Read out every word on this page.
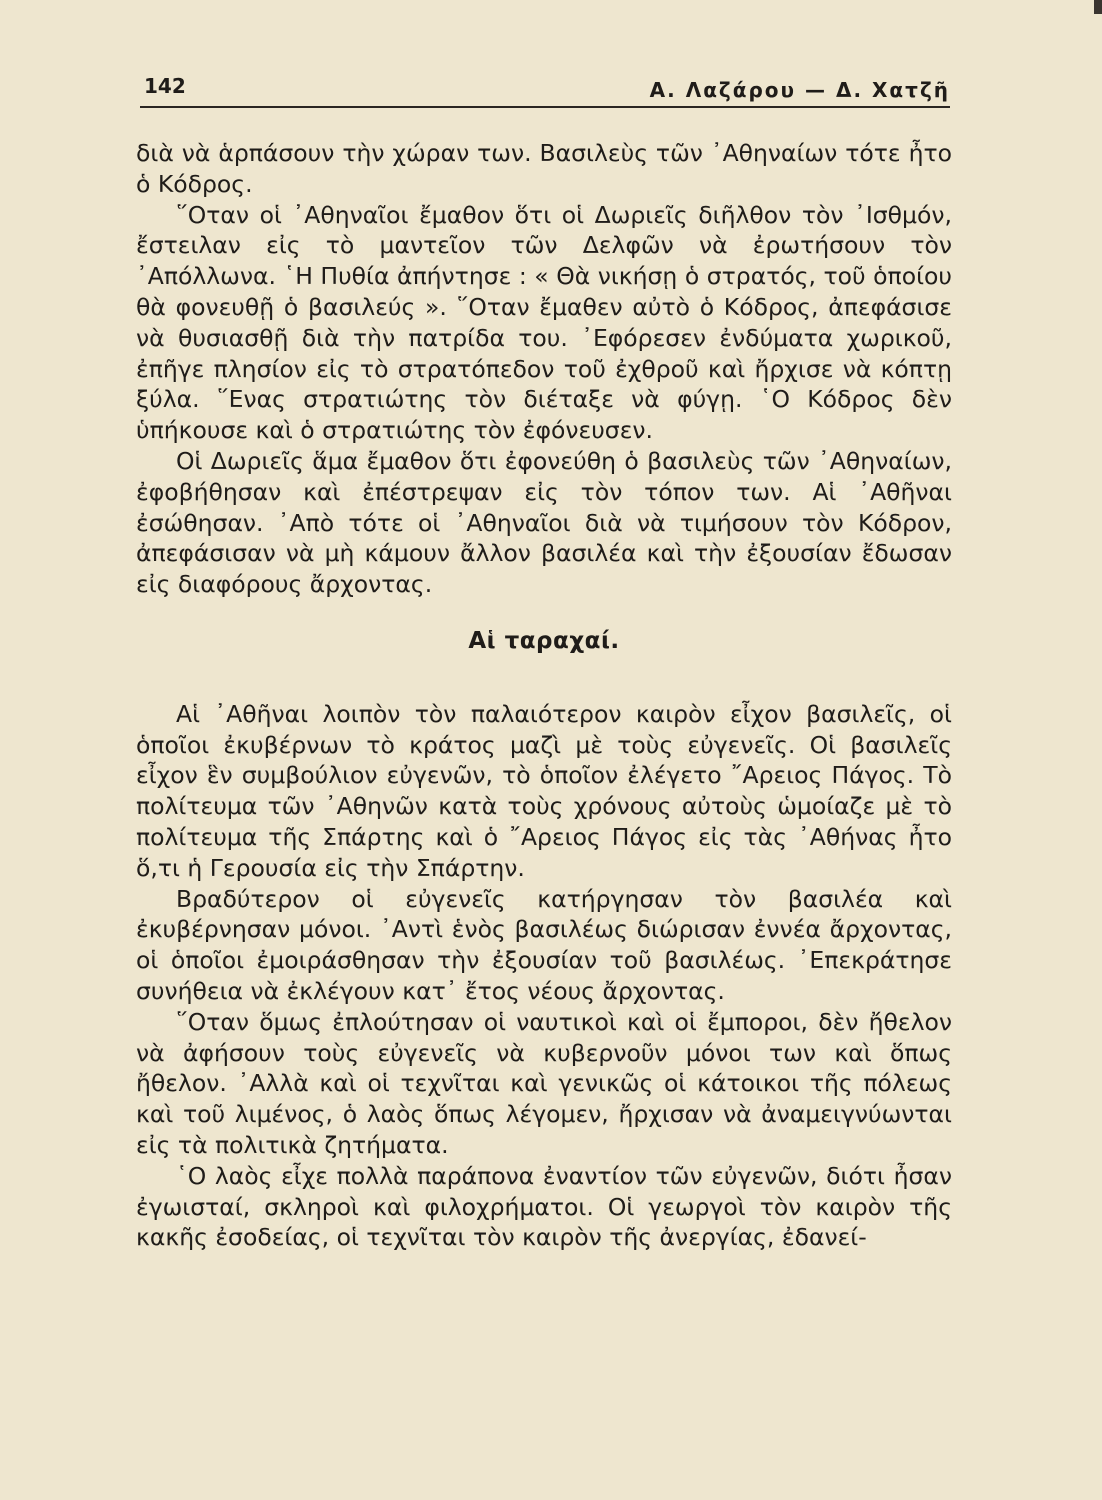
142	Α. Λαζάρου — Δ. Χατζῆ

διὰ νὰ ἁρπάσουν τὴν χώραν των. Βασιλεὺς τῶν ᾿Αθηναίων τότε ἦτο ὁ Κόδρος.

῞Οταν οἱ ᾿Αθηναῖοι ἔμαθον ὅτι οἱ Δωριεῖς διῆλθον τὸν ᾿Ισθμόν, ἔστειλαν εἰς τὸ μαντεῖον τῶν Δελφῶν νὰ ἐρωτήσουν τὸν ᾿Απόλλωνα. ῾Η Πυθία ἀπήντησε : « Θὰ νικήσῃ ὁ στρατός, τοῦ ὁποίου θὰ φονευθῇ ὁ βασιλεύς ». ῞Οταν ἔμαθεν αὐτὸ ὁ Κόδρος, ἀπεφάσισε νὰ θυσιασθῇ διὰ τὴν πατρίδα του. ᾿Εφόρεσεν ἐνδύματα χωρικοῦ, ἐπῆγε πλησίον εἰς τὸ στρατόπεδον τοῦ ἐχθροῦ καὶ ἤρχισε νὰ κόπτῃ ξύλα. ῞Ενας στρατιώτης τὸν διέταξε νὰ φύγῃ. ῾Ο Κόδρος δὲν ὑπήκουσε καὶ ὁ στρατιώτης τὸν ἐφόνευσεν.

Οἱ Δωριεῖς ἅμα ἔμαθον ὅτι ἐφονεύθη ὁ βασιλεὺς τῶν ᾿Αθηναίων, ἐφοβήθησαν καὶ ἐπέστρεψαν εἰς τὸν τόπον των. Αἱ ᾿Αθῆναι ἐσώθησαν. ᾿Απὸ τότε οἱ ᾿Αθηναῖοι διὰ νὰ τιμήσουν τὸν Κόδρον, ἀπεφάσισαν νὰ μὴ κάμουν ἄλλον βασιλέα καὶ τὴν ἐξουσίαν ἔδωσαν εἰς διαφόρους ἄρχοντας.

Αἱ ταραχαί.

Αἱ ᾿Αθῆναι λοιπὸν τὸν παλαιότερον καιρὸν εἶχον βασιλεῖς, οἱ ὁποῖοι ἐκυβέρνων τὸ κράτος μαζὶ μὲ τοὺς εὐγενεῖς. Οἱ βασιλεῖς εἶχον ἓν συμβούλιον εὐγενῶν, τὸ ὁποῖον ἐλέγετο ῎Αρειος Πάγος. Τὸ πολίτευμα τῶν ᾿Αθηνῶν κατὰ τοὺς χρόνους αὐτοὺς ὡμοίαζε μὲ τὸ πολίτευμα τῆς Σπάρτης καὶ ὁ ῎Αρειος Πάγος εἰς τὰς ᾿Αθήνας ἦτο ὅ,τι ἡ Γερουσία εἰς τὴν Σπάρτην.

Βραδύτερον οἱ εὐγενεῖς κατήργησαν τὸν βασιλέα καὶ ἐκυβέρνησαν μόνοι. ᾿Αντὶ ἑνὸς βασιλέως διώρισαν ἐννέα ἄρχοντας, οἱ ὁποῖοι ἐμοιράσθησαν τὴν ἐξουσίαν τοῦ βασιλέως. ᾿Επεκράτησε συνήθεια νὰ ἐκλέγουν κατ᾿ ἔτος νέους ἄρχοντας.

῞Οταν ὅμως ἐπλούτησαν οἱ ναυτικοὶ καὶ οἱ ἔμποροι, δὲν ἤθελον νὰ ἀφήσουν τοὺς εὐγενεῖς νὰ κυβερνοῦν μόνοι των καὶ ὅπως ἤθελον. ᾿Αλλὰ καὶ οἱ τεχνῖται καὶ γενικῶς οἱ κάτοικοι τῆς πόλεως καὶ τοῦ λιμένος, ὁ λαὸς ὅπως λέγομεν, ἤρχισαν νὰ ἀναμειγνύωνται εἰς τὰ πολιτικὰ ζητήματα.

῾Ο λαὸς εἶχε πολλὰ παράπονα ἐναντίον τῶν εὐγενῶν, διότι ἦσαν ἐγωισταί, σκληροὶ καὶ φιλοχρήματοι. Οἱ γεωργοὶ τὸν καιρὸν τῆς κακῆς ἐσοδείας, οἱ τεχνῖται τὸν καιρὸν τῆς ἀνεργίας, ἐδανεί-
